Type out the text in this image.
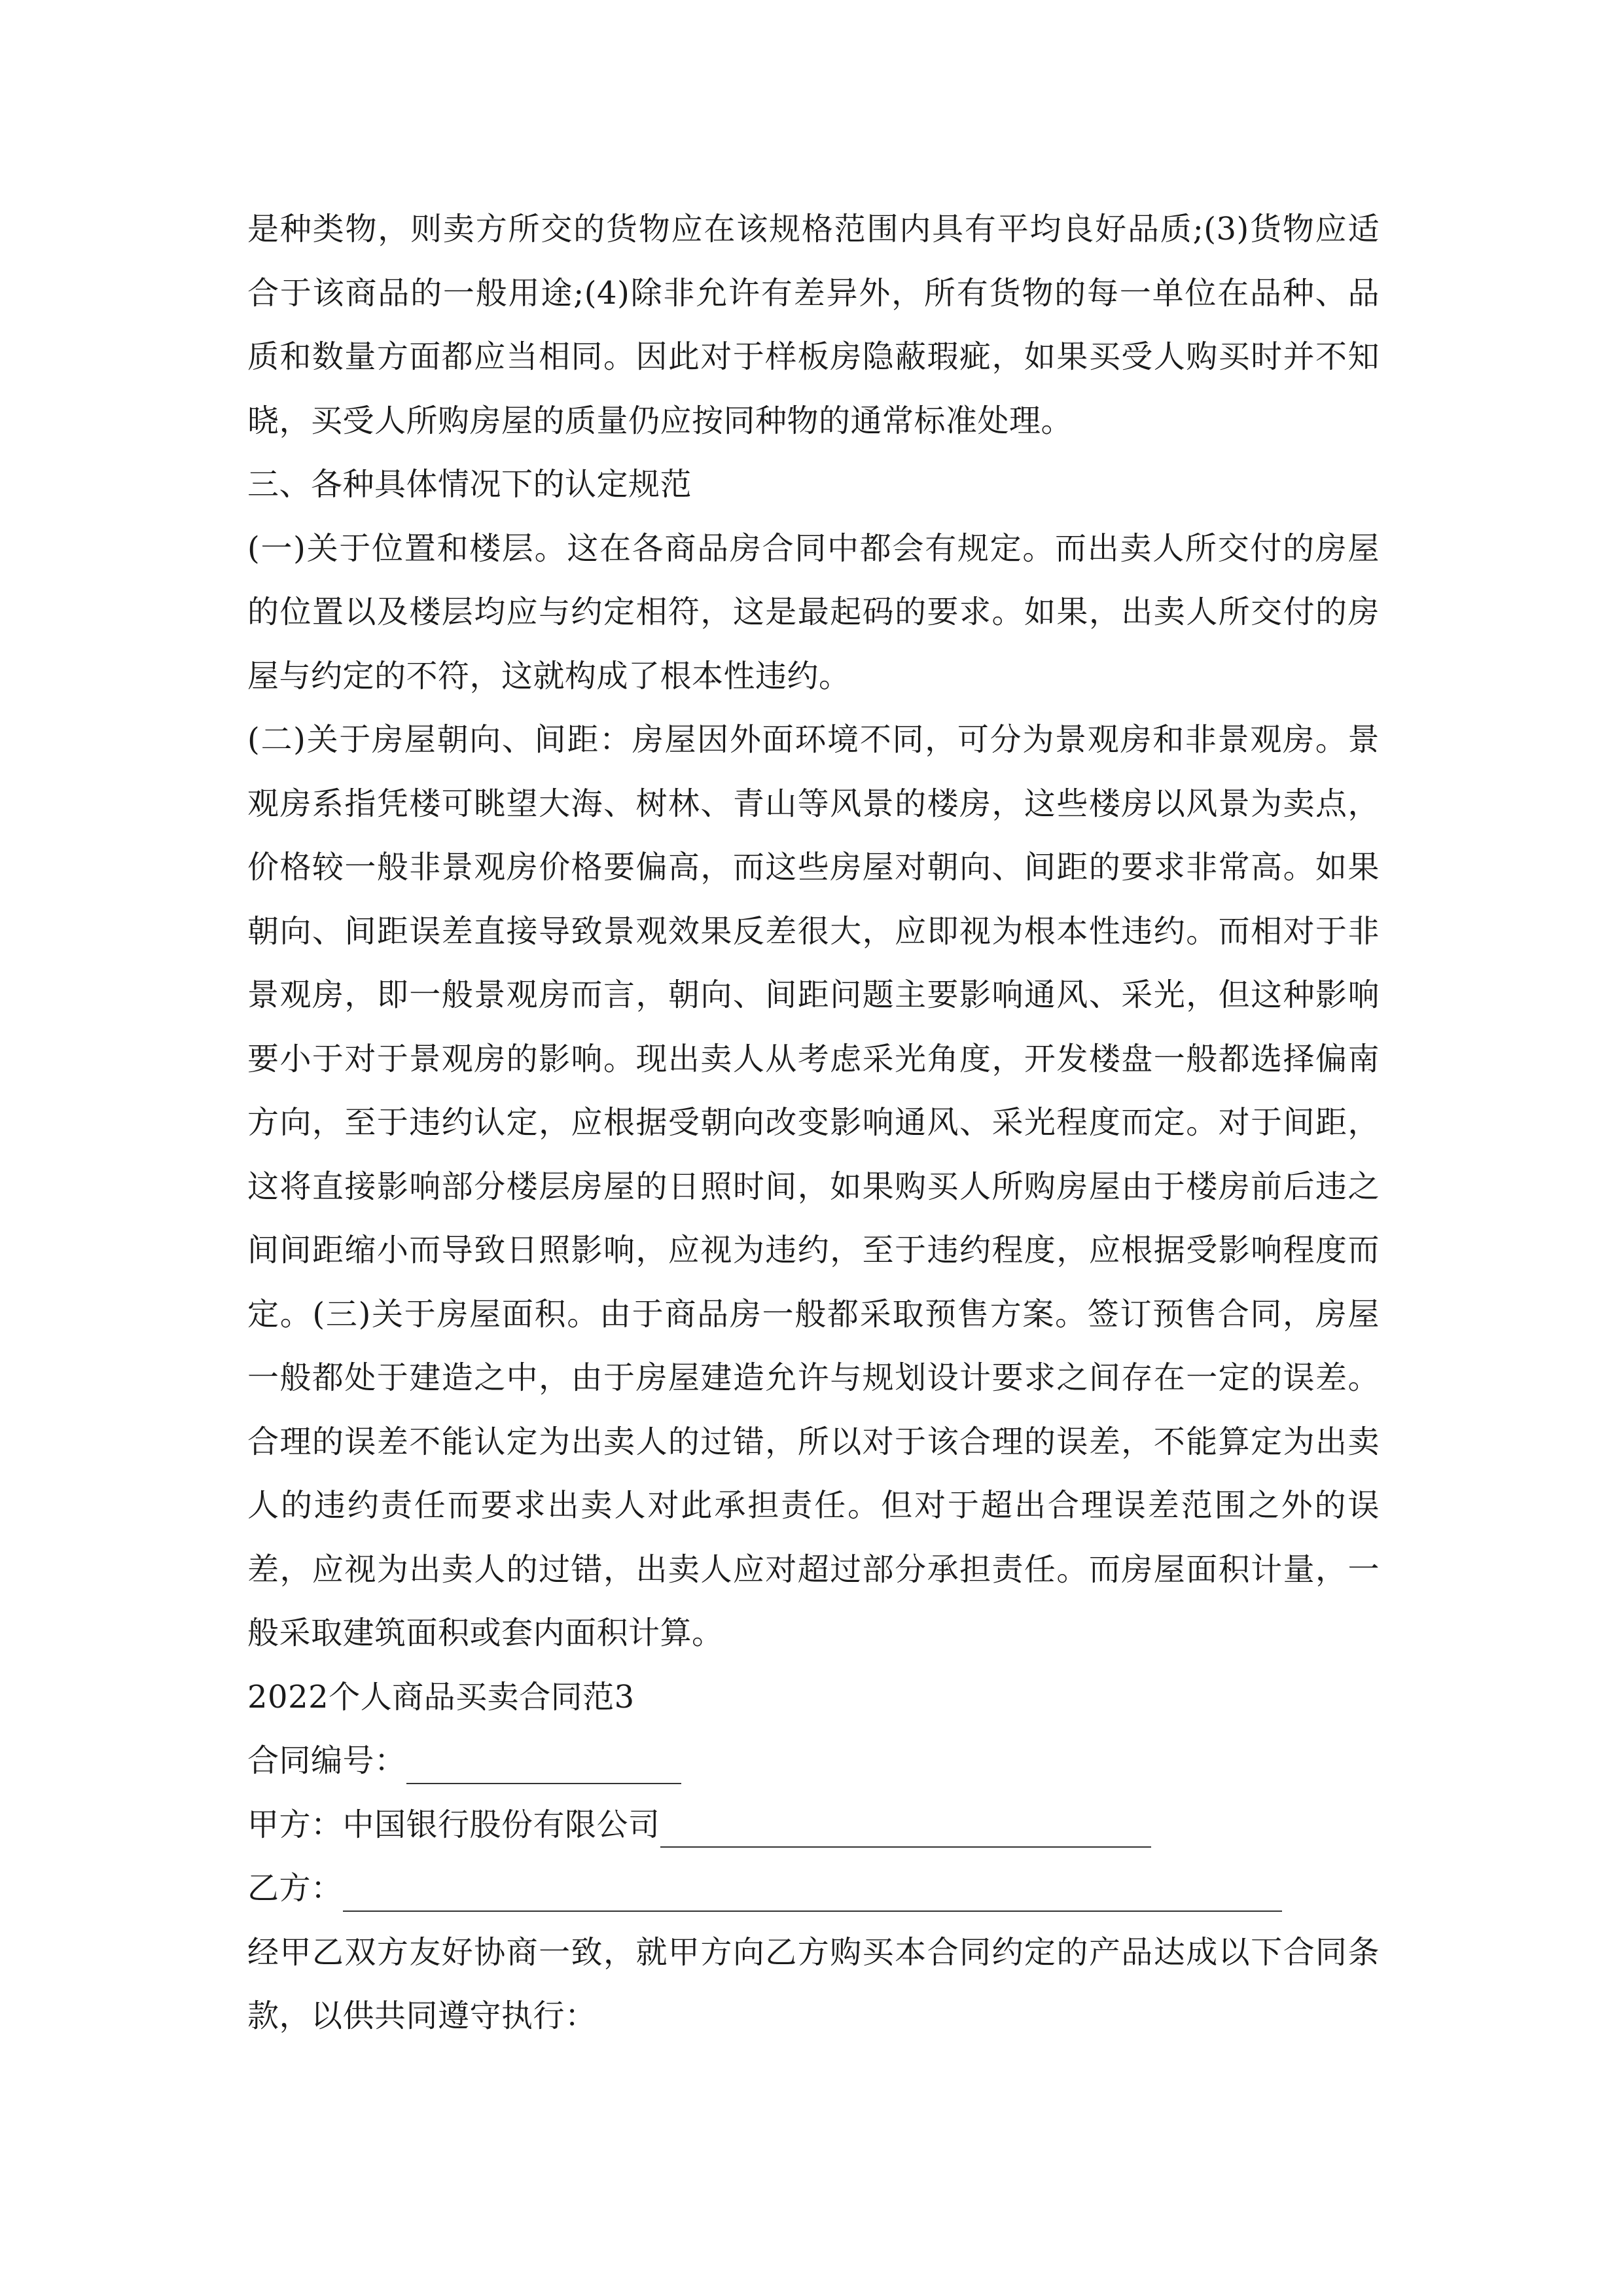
是种类物，则卖方所交的货物应在该规格范围内具有平均良好品质;(3)货物应适合于该商品的一般用途;(4)除非允许有差异外，所有货物的每一单位在品种、品质和数量方面都应当相同。因此对于样板房隐蔽瑕疵，如果买受人购买时并不知晓，买受人所购房屋的质量仍应按同种物的通常标准处理。

三、各种具体情况下的认定规范

(一)关于位置和楼层。这在各商品房合同中都会有规定。而出卖人所交付的房屋的位置以及楼层均应与约定相符，这是最起码的要求。如果，出卖人所交付的房屋与约定的不符，这就构成了根本性违约。

(二)关于房屋朝向、间距：房屋因外面环境不同，可分为景观房和非景观房。景观房系指凭楼可眺望大海、树林、青山等风景的楼房，这些楼房以风景为卖点，价格较一般非景观房价格要偏高，而这些房屋对朝向、间距的要求非常高。如果朝向、间距误差直接导致景观效果反差很大，应即视为根本性违约。而相对于非景观房，即一般景观房而言，朝向、间距问题主要影响通风、采光，但这种影响要小于对于景观房的影响。现出卖人从考虑采光角度，开发楼盘一般都选择偏南方向，至于违约认定，应根据受朝向改变影响通风、采光程度而定。对于间距，这将直接影响部分楼层房屋的日照时间，如果购买人所购房屋由于楼房前后违之间间距缩小而导致日照影响，应视为违约，至于违约程度，应根据受影响程度而定。(三)关于房屋面积。由于商品房一般都采取预售方案。签订预售合同，房屋一般都处于建造之中，由于房屋建造允许与规划设计要求之间存在一定的误差。合理的误差不能认定为出卖人的过错，所以对于该合理的误差，不能算定为出卖人的违约责任而要求出卖人对此承担责任。但对于超出合理误差范围之外的误差，应视为出卖人的过错，出卖人应对超过部分承担责任。而房屋面积计量，一般采取建筑面积或套内面积计算。

2022个人商品买卖合同范3

合同编号：
甲方：中国银行股份有限公司
乙方：

经甲乙双方友好协商一致，就甲方向乙方购买本合同约定的产品达成以下合同条款，以供共同遵守执行：
